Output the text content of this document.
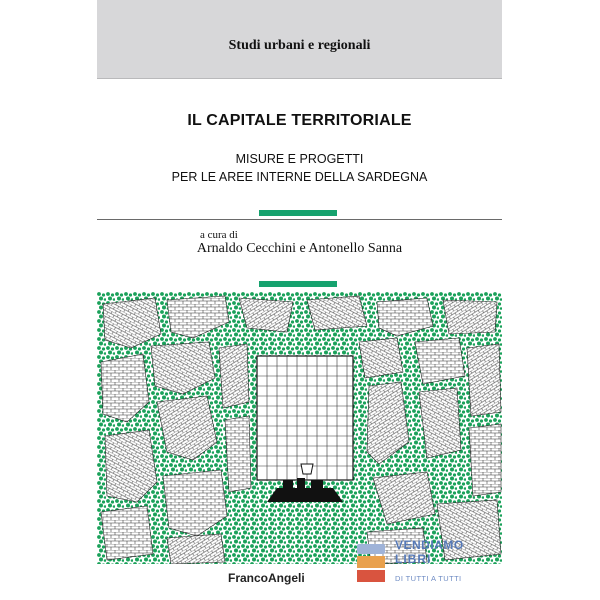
Studi urbani e regionali
IL CAPITALE TERRITORIALE
MISURE E PROGETTI
PER LE AREE INTERNE DELLA SARDEGNA
a cura di
Arnaldo Cecchini e Antonello Sanna
FrancoAngeli
VENDIAMO
LIBRI
DI TUTTI A TUTTI
